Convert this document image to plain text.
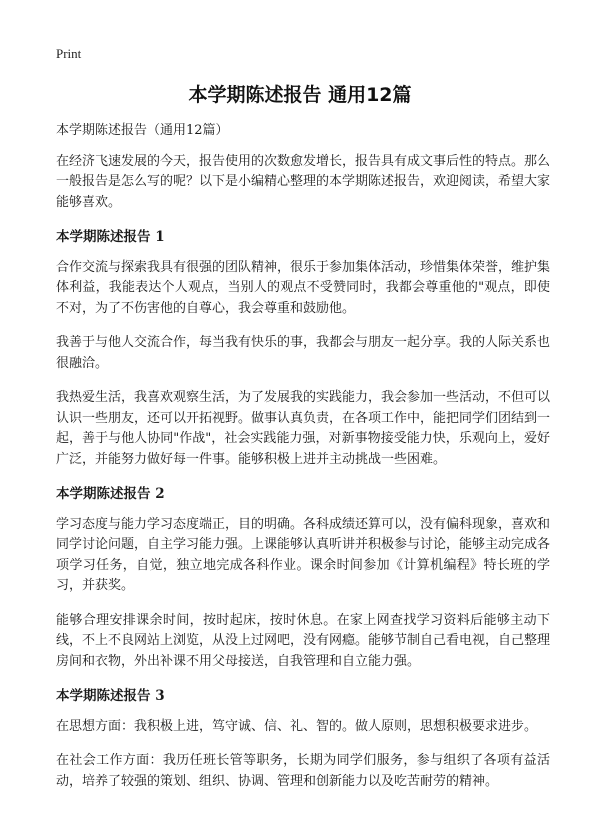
Print
本学期陈述报告 通用12篇
本学期陈述报告（通用12篇）

在经济飞速发展的今天，报告使用的次数愈发增长，报告具有成文事后性的特点。那么一般报告是怎么写的呢？以下是小编精心整理的本学期陈述报告，欢迎阅读，希望大家能够喜欢。

本学期陈述报告 1

合作交流与探索我具有很强的团队精神，很乐于参加集体活动，珍惜集体荣誉，维护集体利益，我能表达个人观点，当别人的观点不受赞同时，我都会尊重他的"观点，即使不对，为了不伤害他的自尊心，我会尊重和鼓励他。

我善于与他人交流合作，每当我有快乐的事，我都会与朋友一起分享。我的人际关系也很融洽。

我热爱生活，我喜欢观察生活，为了发展我的实践能力，我会参加一些活动，不但可以认识一些朋友，还可以开拓视野。做事认真负责，在各项工作中，能把同学们团结到一起，善于与他人协同"作战"，社会实践能力强，对新事物接受能力快，乐观向上，爱好广泛，并能努力做好每一件事。能够积极上进并主动挑战一些困难。

本学期陈述报告 2

学习态度与能力学习态度端正，目的明确。各科成绩还算可以，没有偏科现象，喜欢和同学讨论问题，自主学习能力强。上课能够认真听讲并积极参与讨论，能够主动完成各项学习任务，自觉，独立地完成各科作业。课余时间参加《计算机编程》特长班的学习，并获奖。

能够合理安排课余时间，按时起床，按时休息。在家上网查找学习资料后能够主动下线，不上不良网站上浏览，从没上过网吧，没有网瘾。能够节制自己看电视，自己整理房间和衣物，外出补课不用父母接送，自我管理和自立能力强。

本学期陈述报告 3

在思想方面：我积极上进，笃守诚、信、礼、智的。做人原则，思想积极要求进步。

在社会工作方面：我历任班长管等职务，长期为同学们服务，参与组织了各项有益活动，培养了较强的策划、组织、协调、管理和创新能力以及吃苦耐劳的精神。
